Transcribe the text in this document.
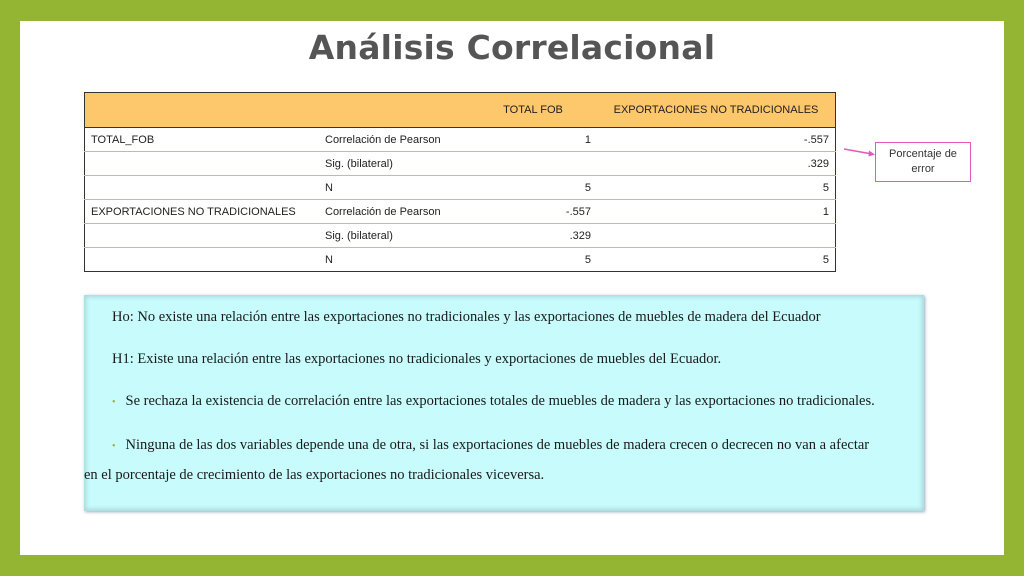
Análisis Correlacional
		TOTAL FOB	EXPORTACIONES NO TRADICIONALES
TOTAL_FOB	Correlación de Pearson	1	-.557
	Sig. (bilateral)		.329
	N	5	5
EXPORTACIONES NO TRADICIONALES	Correlación de Pearson	-.557	1
	Sig. (bilateral)	.329	
	N	5	5
Porcentaje de error

Ho: No existe una relación entre las exportaciones no tradicionales y las exportaciones de muebles de madera del Ecuador

H1: Existe una relación entre las exportaciones no tradicionales y exportaciones de muebles del Ecuador.

• Se rechaza la existencia de correlación entre las exportaciones totales de muebles de madera y las exportaciones no tradicionales.

• Ninguna de las dos variables depende una de otra, si las exportaciones de muebles de madera crecen o decrecen no van a afectar
en el porcentaje de crecimiento de las exportaciones no tradicionales viceversa.
